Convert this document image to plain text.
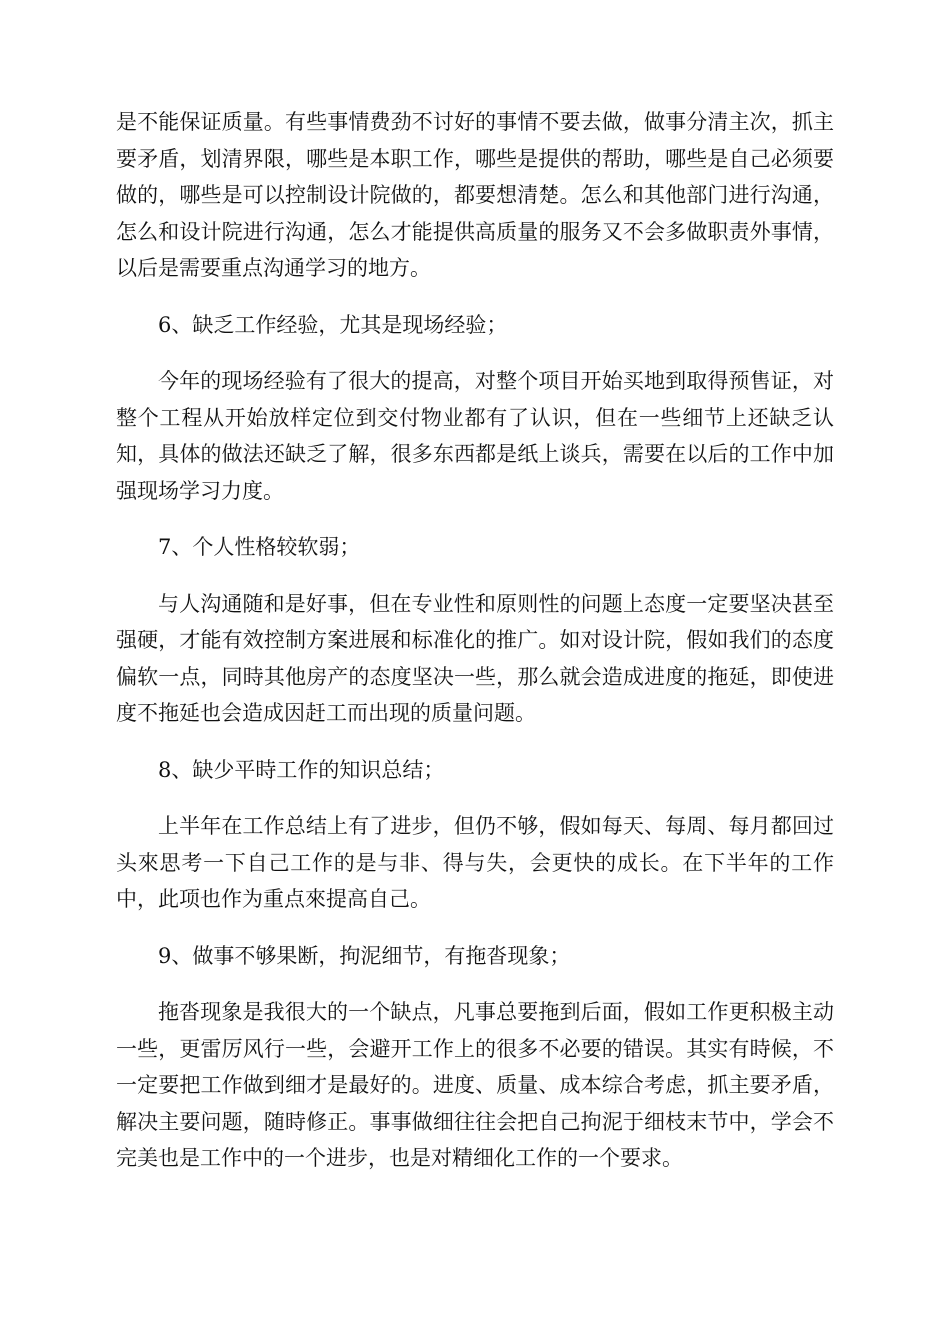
是不能保证质量。有些事情费劲不讨好的事情不要去做，做事分清主次，抓主要矛盾，划清界限，哪些是本职工作，哪些是提供的帮助，哪些是自己必须要做的，哪些是可以控制设计院做的，都要想清楚。怎么和其他部门进行沟通，怎么和设计院进行沟通，怎么才能提供高质量的服务又不会多做职责外事情，以后是需要重点沟通学习的地方。

6、缺乏工作经验，尤其是现场经验；

今年的现场经验有了很大的提高，对整个项目开始买地到取得预售证，对整个工程从开始放样定位到交付物业都有了认识，但在一些细节上还缺乏认知，具体的做法还缺乏了解，很多东西都是纸上谈兵，需要在以后的工作中加强现场学习力度。

7、个人性格较软弱；

与人沟通随和是好事，但在专业性和原则性的问题上态度一定要坚决甚至强硬，才能有效控制方案进展和标准化的推广。如对设计院，假如我们的态度偏软一点，同時其他房产的态度坚决一些，那么就会造成进度的拖延，即使进度不拖延也会造成因赶工而出现的质量问题。

8、缺少平時工作的知识总结；

上半年在工作总结上有了进步，但仍不够，假如每天、每周、每月都回过头來思考一下自己工作的是与非、得与失，会更快的成长。在下半年的工作中，此项也作为重点來提高自己。

9、做事不够果断，拘泥细节，有拖沓现象；

拖沓现象是我很大的一个缺点，凡事总要拖到后面，假如工作更积极主动一些，更雷厉风行一些，会避开工作上的很多不必要的错误。其实有時候，不一定要把工作做到细才是最好的。进度、质量、成本综合考虑，抓主要矛盾，解决主要问题，随時修正。事事做细往往会把自己拘泥于细枝末节中，学会不完美也是工作中的一个进步，也是对精细化工作的一个要求。
